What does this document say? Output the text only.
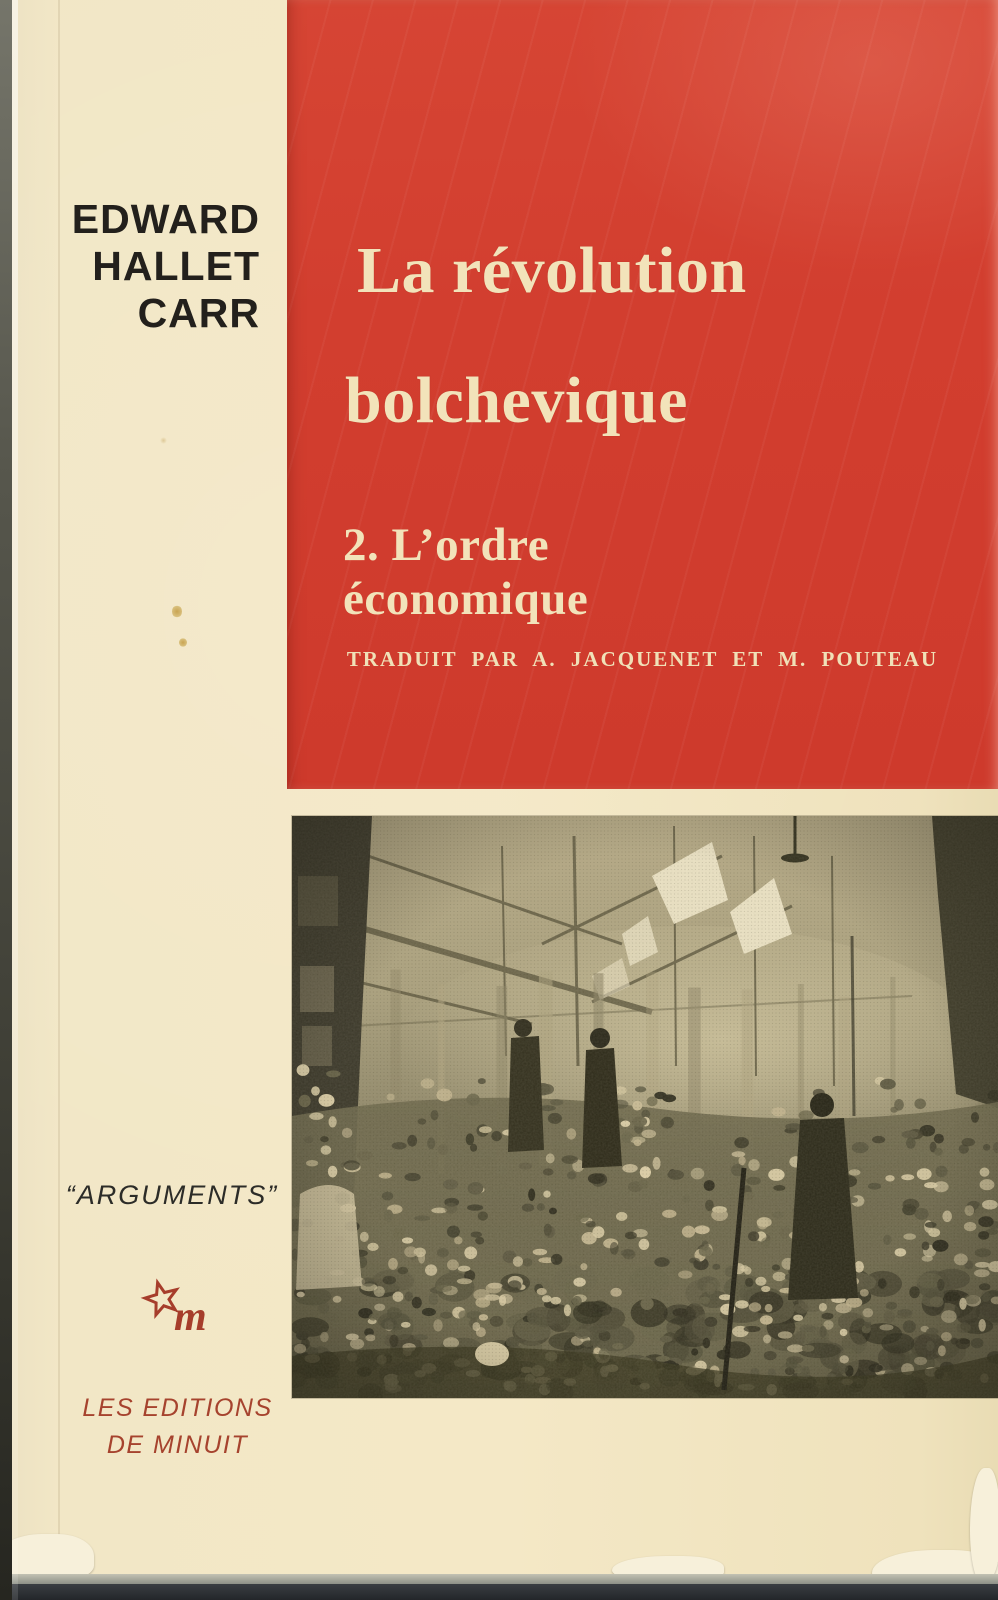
EDWARD
HALLET
CARR
La révolution
bolchevique
2. L’ordre
économique
TRADUIT PAR A. JACQUENET ET M. POUTEAU
“ARGUMENTS”
m
LES EDITIONS
DE MINUIT
